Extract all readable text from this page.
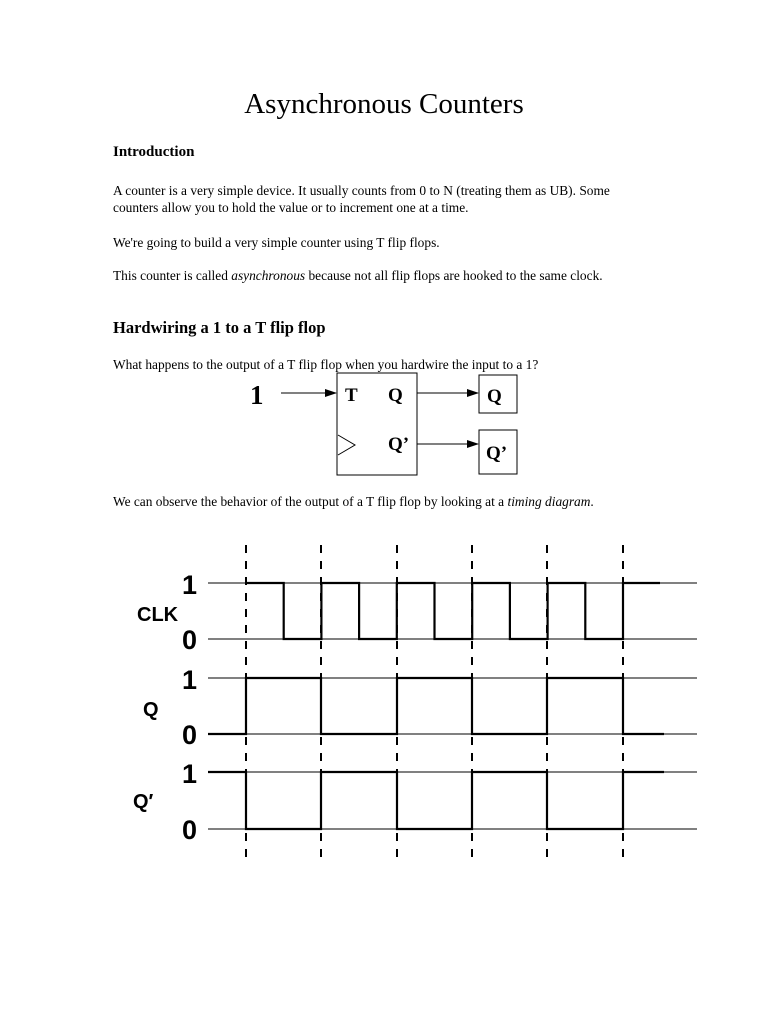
Asynchronous Counters
Introduction

A counter is a very simple device. It usually counts from 0 to N (treating them as UB). Some counters allow you to hold the value or to increment one at a time.

We're going to build a very simple counter using T flip flops.

This counter is called asynchronous because not all flip flops are hooked to the same clock.

Hardwiring a 1 to a T flip flop

What happens to the output of a T flip flop when you hardwire the input to a 1?

1	T Q
Q’
Q
Q’

We can observe the behavior of the output of a T flip flop by looking at a timing diagram.

1
0
CLK
1
0
Q
1
0
Q′
